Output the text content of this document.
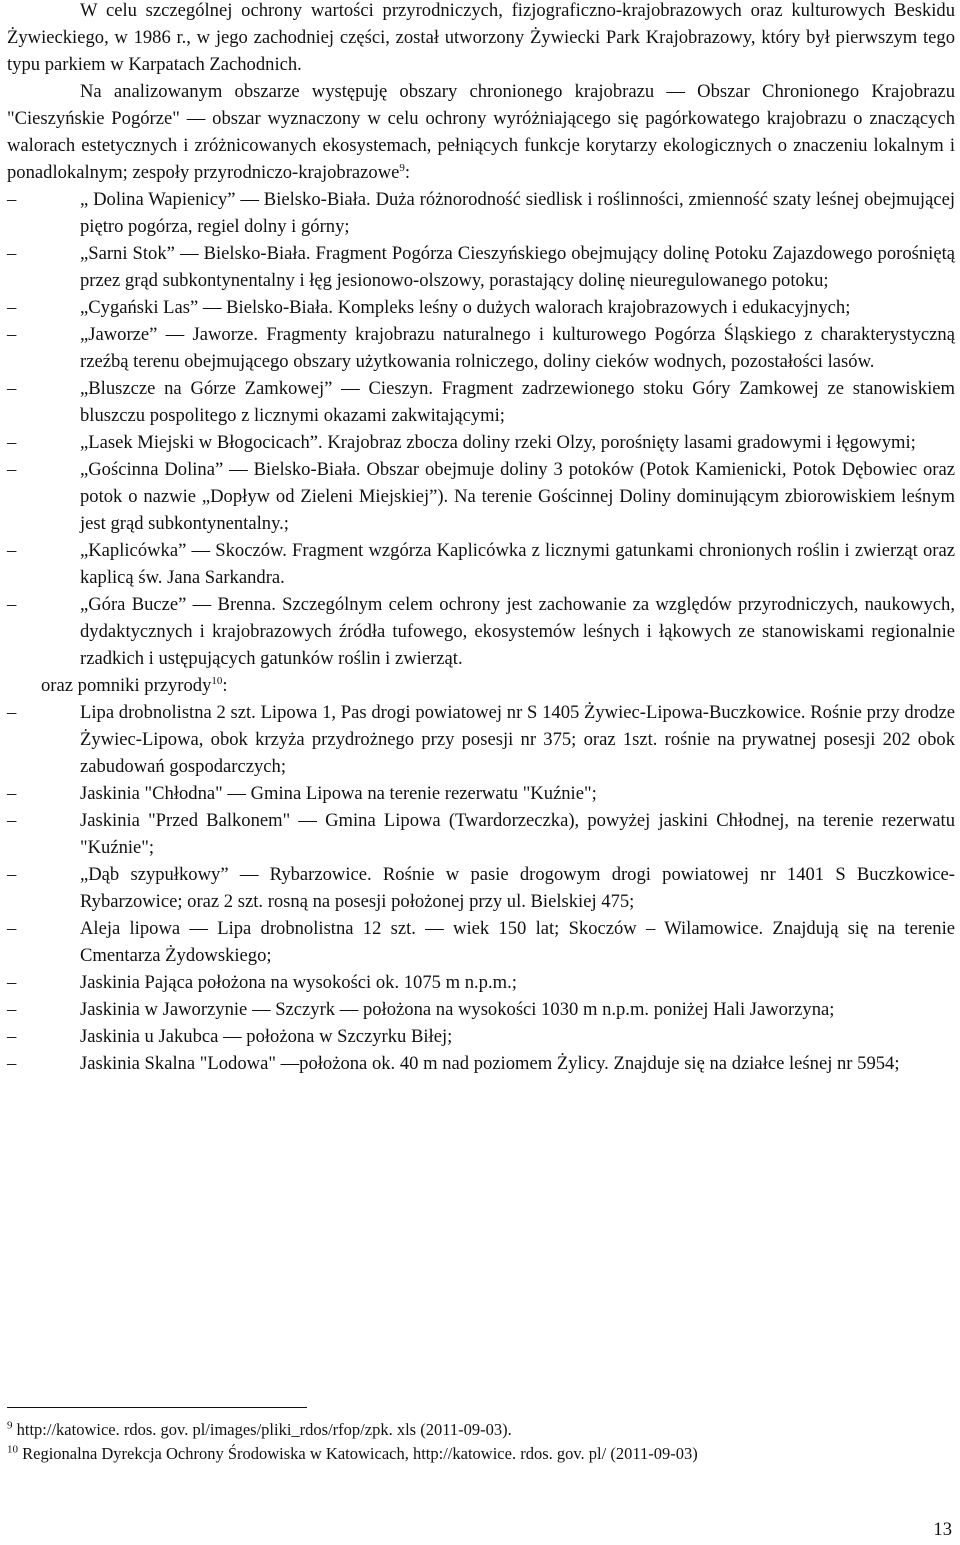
W celu szczególnej ochrony wartości przyrodniczych, fizjograficzno-krajobrazowych oraz kulturowych Beskidu Żywieckiego, w 1986 r., w jego zachodniej części, został utworzony Żywiecki Park Krajobrazowy, który był pierwszym tego typu parkiem w Karpatach Zachodnich.

Na analizowanym obszarze występuję obszary chronionego krajobrazu — Obszar Chronionego Krajobrazu "Cieszyńskie Pogórze" — obszar wyznaczony w celu ochrony wyróżniającego się pagórkowatego krajobrazu o znaczących walorach estetycznych i zróżnicowanych ekosystemach, pełniących funkcje korytarzy ekologicznych o znaczeniu lokalnym i ponadlokalnym; zespoły przyrodniczo-krajobrazowe$^9$:

–	„ Dolina Wapienicy” — Bielsko-Biała. Duża różnorodność siedlisk i roślinności, zmienność szaty leśnej obejmującej piętro pogórza, regiel dolny i górny;
–	„Sarni Stok” — Bielsko-Biała. Fragment Pogórza Cieszyńskiego obejmujący dolinę Potoku Zajazdowego porośniętą przez grąd subkontynentalny i łęg jesionowo-olszowy, porastający dolinę nieuregulowanego potoku;
–	„Cygański Las” — Bielsko-Biała. Kompleks leśny o dużych walorach krajobrazowych i edukacyjnych;
–	„Jaworze” — Jaworze. Fragmenty krajobrazu naturalnego i kulturowego Pogórza Śląskiego z charakterystyczną rzeźbą terenu obejmującego obszary użytkowania rolniczego, doliny cieków wodnych, pozostałości lasów.
–	„Bluszcze na Górze Zamkowej” — Cieszyn. Fragment zadrzewionego stoku Góry Zamkowej ze stanowiskiem bluszczu pospolitego z licznymi okazami zakwitającymi;
–	„Lasek Miejski w Błogocicach”. Krajobraz zbocza doliny rzeki Olzy, porośnięty lasami gradowymi i łęgowymi;
–	„Gościnna Dolina” — Bielsko-Biała. Obszar obejmuje doliny 3 potoków (Potok Kamienicki, Potok Dębowiec oraz potok o nazwie „Dopływ od Zieleni Miejskiej”). Na terenie Gościnnej Doliny dominującym zbiorowiskiem leśnym jest grąd subkontynentalny.;
–	„Kaplicówka” — Skoczów. Fragment wzgórza Kaplicówka z licznymi gatunkami chronionych roślin i zwierząt oraz kaplicą św. Jana Sarkandra.
–	„Góra Bucze” — Brenna. Szczególnym celem ochrony jest zachowanie za względów przyrodniczych, naukowych, dydaktycznych i krajobrazowych źródła tufowego, ekosystemów leśnych i łąkowych ze stanowiskami regionalnie rzadkich i ustępujących gatunków roślin i zwierząt.

oraz pomniki przyrody$^{10}$:

–	Lipa drobnolistna 2 szt. Lipowa 1, Pas drogi powiatowej nr S 1405 Żywiec-Lipowa-Buczkowice. Rośnie przy drodze Żywiec-Lipowa, obok krzyża przydrożnego przy posesji nr 375; oraz 1szt. rośnie na prywatnej posesji 202 obok zabudowań gospodarczych;
–	Jaskinia "Chłodna" — Gmina Lipowa na terenie rezerwatu "Kuźnie";
–	Jaskinia "Przed Balkonem" — Gmina Lipowa (Twardorzeczka), powyżej jaskini Chłodnej, na terenie rezerwatu "Kuźnie";
–	„Dąb szypułkowy” — Rybarzowice. Rośnie w pasie drogowym drogi powiatowej nr 1401 S Buczkowice-Rybarzowice; oraz 2 szt. rosną na posesji położonej przy ul. Bielskiej 475;
–	Aleja lipowa — Lipa drobnolistna 12 szt. — wiek 150 lat; Skoczów – Wilamowice. Znajdują się na terenie Cmentarza Żydowskiego;
–	Jaskinia Pająca położona na wysokości ok. 1075 m n.p.m.;
–	Jaskinia w Jaworzynie — Szczyrk — położona na wysokości 1030 m n.p.m. poniżej Hali Jaworzyna;
–	Jaskinia u Jakubca — położona w Szczyrku Biłej;
–	Jaskinia Skalna "Lodowa" —położona ok. 40 m nad poziomem Żylicy. Znajduje się na działce leśnej nr 5954;

$^9$ http://katowice. rdos. gov. pl/images/pliki_rdos/rfop/zpk. xls (2011-09-03).

$^{10}$ Regionalna Dyrekcja Ochrony Środowiska w Katowicach, http://katowice. rdos. gov. pl/ (2011-09-03)

13
